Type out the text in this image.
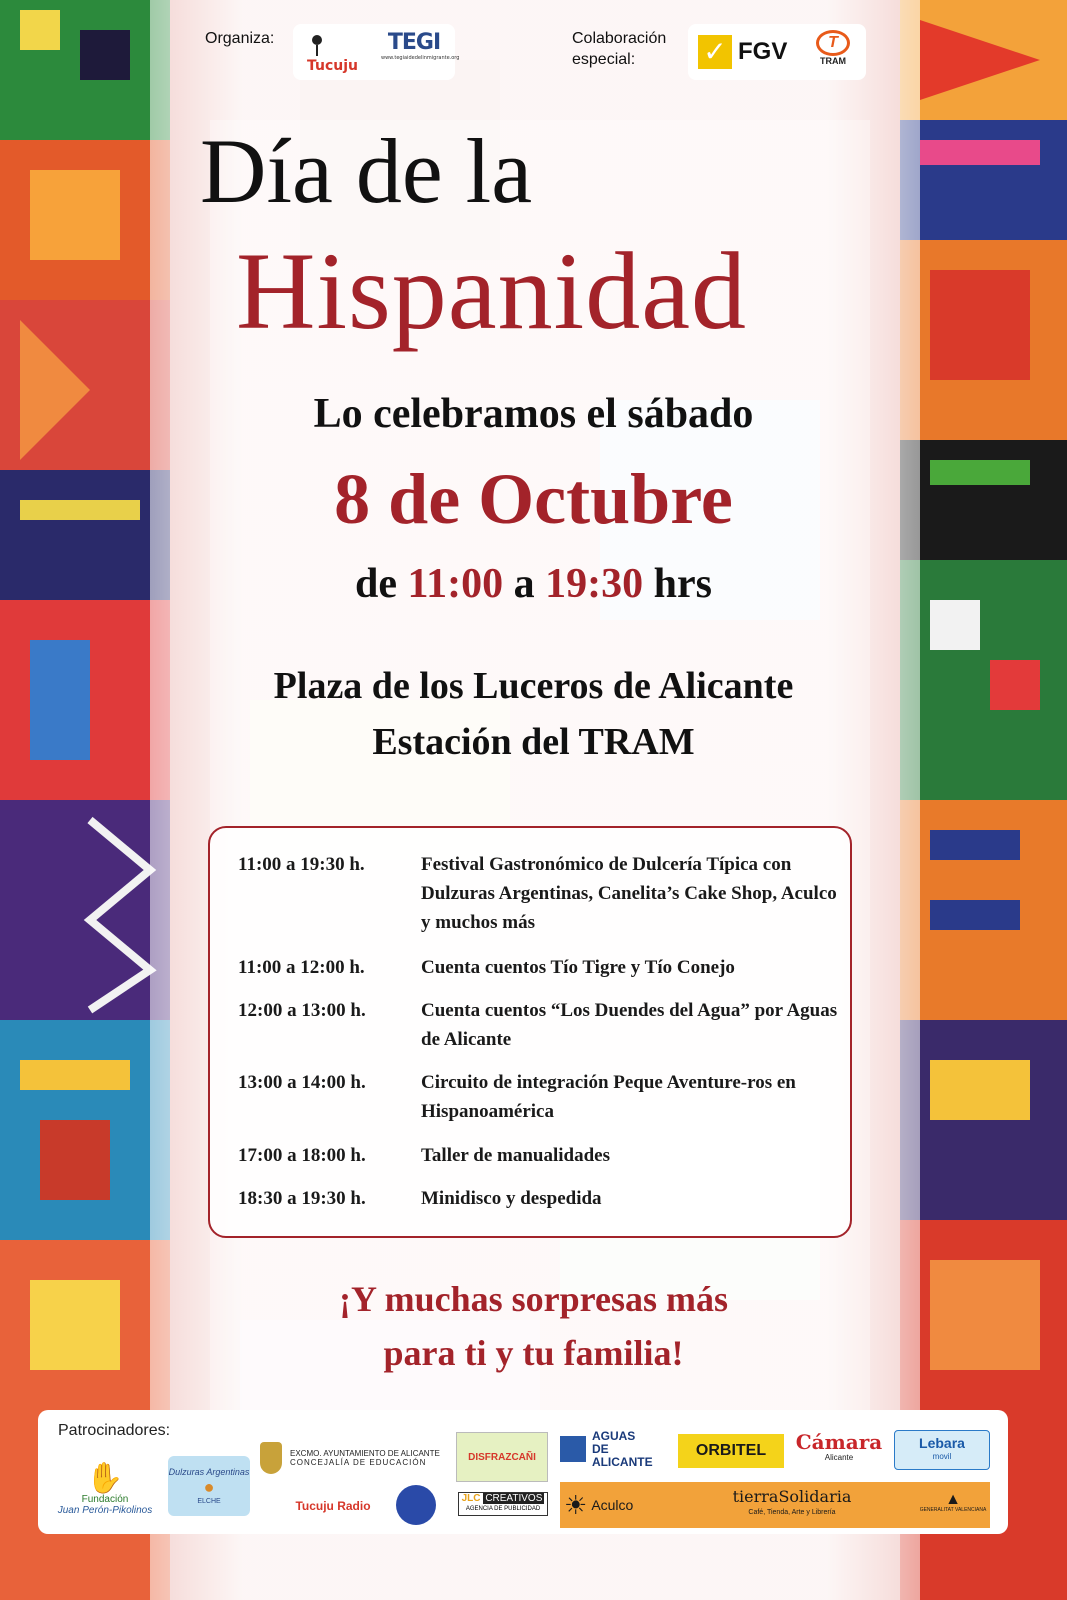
Organiza:
Tucuju
TEGI
www.tegiaidedelinmigrante.org
Colaboración
especial:	✓ FGV	T
TRAM
Día de la
Hispanidad
Lo celebramos el sábado
8 de Octubre
de 11:00 a 19:30 hrs
Plaza de los Luceros de Alicante
Estación del TRAM
11:00 a 19:30 h.	Festival Gastronómico de Dulcería Típica con Dulzuras Argentinas, Canelita’s Cake Shop, Aculco y muchos más
11:00 a 12:00 h.	Cuenta cuentos Tío Tigre y Tío Conejo
12:00 a 13:00 h.	Cuenta cuentos “Los Duendes del Agua” por Aguas de Alicante
13:00 a 14:00 h.	Circuito de integración Peque Aventure-ros en Hispanoamérica
17:00 a 18:00 h.	Taller de manualidades
18:30 a 19:30 h.	Minidisco y despedida
¡Y muchas sorpresas más
para ti y tu familia!
Patrocinadores:
✋
Fundación
Juan Perón-Pikolinos
Dulzuras Argentinas
●
ELCHE
EXCMO. AYUNTAMIENTO DE ALICANTE
CONCEJALÍA DE EDUCACIÓN
Tucuju Radio
DISFRAZCAÑI
JLC CREATIVOS
AGENCIA DE PUBLICIDAD
AGUAS
DE ALICANTE
ORBITEL	Cámara
Alicante
Lebara
movil
☀ Aculco	tierraSolidaria
Café, Tienda, Arte y Librería
▲
GENERALITAT VALENCIANA
